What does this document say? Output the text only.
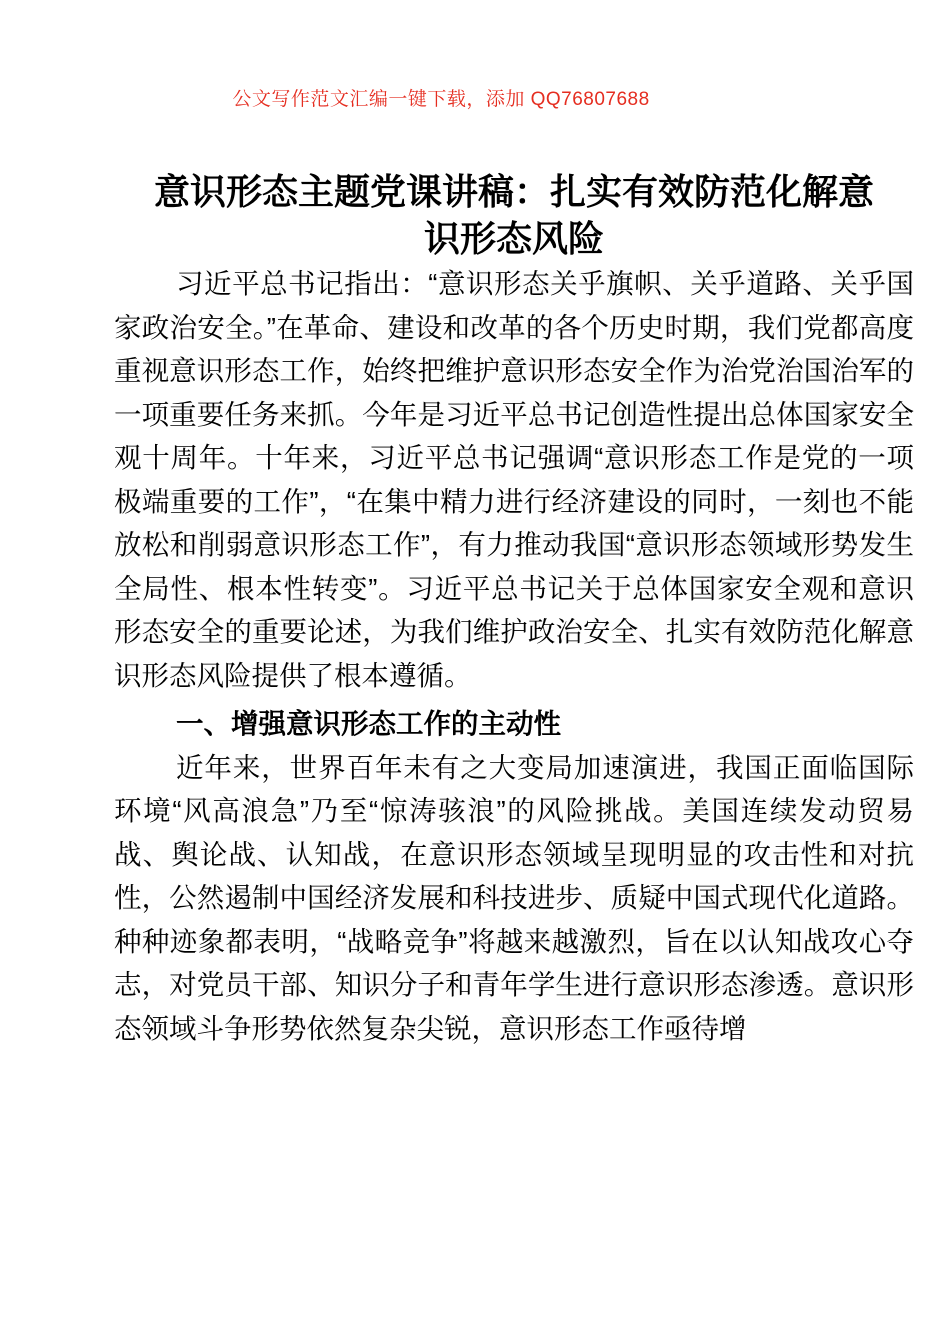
公文写作范文汇编一键下载，添加 QQ76807688
意识形态主题党课讲稿：扎实有效防范化解意识形态风险

习近平总书记指出：“意识形态关乎旗帜、关乎道路、关乎国家政治安全。”在革命、建设和改革的各个历史时期，我们党都高度重视意识形态工作，始终把维护意识形态安全作为治党治国治军的一项重要任务来抓。今年是习近平总书记创造性提出总体国家安全观十周年。十年来，习近平总书记强调“意识形态工作是党的一项极端重要的工作”，“在集中精力进行经济建设的同时，一刻也不能放松和削弱意识形态工作”，有力推动我国“意识形态领域形势发生全局性、根本性转变”。习近平总书记关于总体国家安全观和意识形态安全的重要论述，为我们维护政治安全、扎实有效防范化解意识形态风险提供了根本遵循。

一、增强意识形态工作的主动性

近年来，世界百年未有之大变局加速演进，我国正面临国际环境“风高浪急”乃至“惊涛骇浪”的风险挑战。美国连续发动贸易战、舆论战、认知战，在意识形态领域呈现明显的攻击性和对抗性，公然遏制中国经济发展和科技进步、质疑中国式现代化道路。种种迹象都表明，“战略竞争”将越来越激烈，旨在以认知战攻心夺志，对党员干部、知识分子和青年学生进行意识形态渗透。意识形态领域斗争形势依然复杂尖锐，意识形态工作亟待增
